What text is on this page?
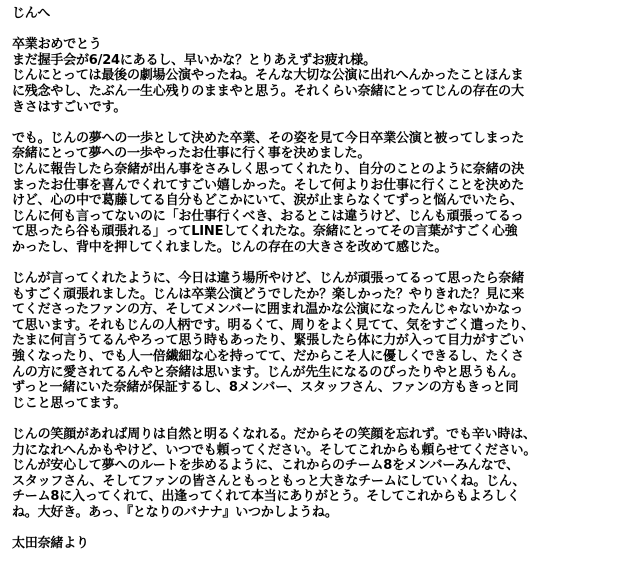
じんへ
卒業おめでとう
まだ握手会が6/24にあるし、早いかな？とりあえずお疲れ様。
じんにとっては最後の劇場公演やったね。そんな大切な公演に出れへんかったことほんま
に残念やし、たぶん一生心残りのままやと思う。それくらい奈緒にとってじんの存在の大
きさはすごいです。
でも。じんの夢への一歩として決めた卒業、その姿を見て今日卒業公演と被ってしまった
奈緒にとって夢への一歩やったお仕事に行く事を決めました。
じんに報告したら奈緒が出ん事をさみしく思ってくれたり、自分のことのように奈緒の決
まったお仕事を喜んでくれてすごい嬉しかった。そして何よりお仕事に行くことを決めた
けど、心の中で葛藤してる自分もどこかにいて、涙が止まらなくてずっと悩んでいたら、
じんに何も言ってないのに「お仕事行くべき、おるとこは違うけど、じんも頑張ってるっ
て思ったら谷も頑張れる」ってLINEしてくれたな。奈緒にとってその言葉がすごく心強
かったし、背中を押してくれました。じんの存在の大きさを改めて感じた。
じんが言ってくれたように、今日は違う場所やけど、じんが頑張ってるって思ったら奈緒
もすごく頑張れました。じんは卒業公演どうでしたか？楽しかった？やりきれた？見に来
てくださったファンの方、そしてメンバーに囲まれ温かな公演になったんじゃないかなっ
て思います。それもじんの人柄です。明るくて、周りをよく見てて、気をすごく遣ったり、
たまに何言うてるんやろって思う時もあったり、緊張したら体に力が入って目力がすごい
強くなったり、でも人一倍繊細な心を持ってて、だからこそ人に優しくできるし、たくさ
んの方に愛されてるんやと奈緒は思います。じんが先生になるのぴったりやと思うもん。
ずっと一緒にいた奈緒が保証するし、8メンバー、スタッフさん、ファンの方もきっと同
じこと思ってます。
じんの笑顔があれば周りは自然と明るくなれる。だからその笑顔を忘れず。でも辛い時は、
力になれへんかもやけど、いつでも頼ってください。そしてこれからも頼らせてください。
じんが安心して夢へのルートを歩めるように、これからのチーム8をメンバーみんなで、
スタッフさん、そしてファンの皆さんともっともっと大きなチームにしていくね。じん、
チーム8に入ってくれて、出逢ってくれて本当にありがとう。そしてこれからもよろしく
ね。大好き。あっ、『となりのバナナ』いつかしようね。
太田奈緒より
